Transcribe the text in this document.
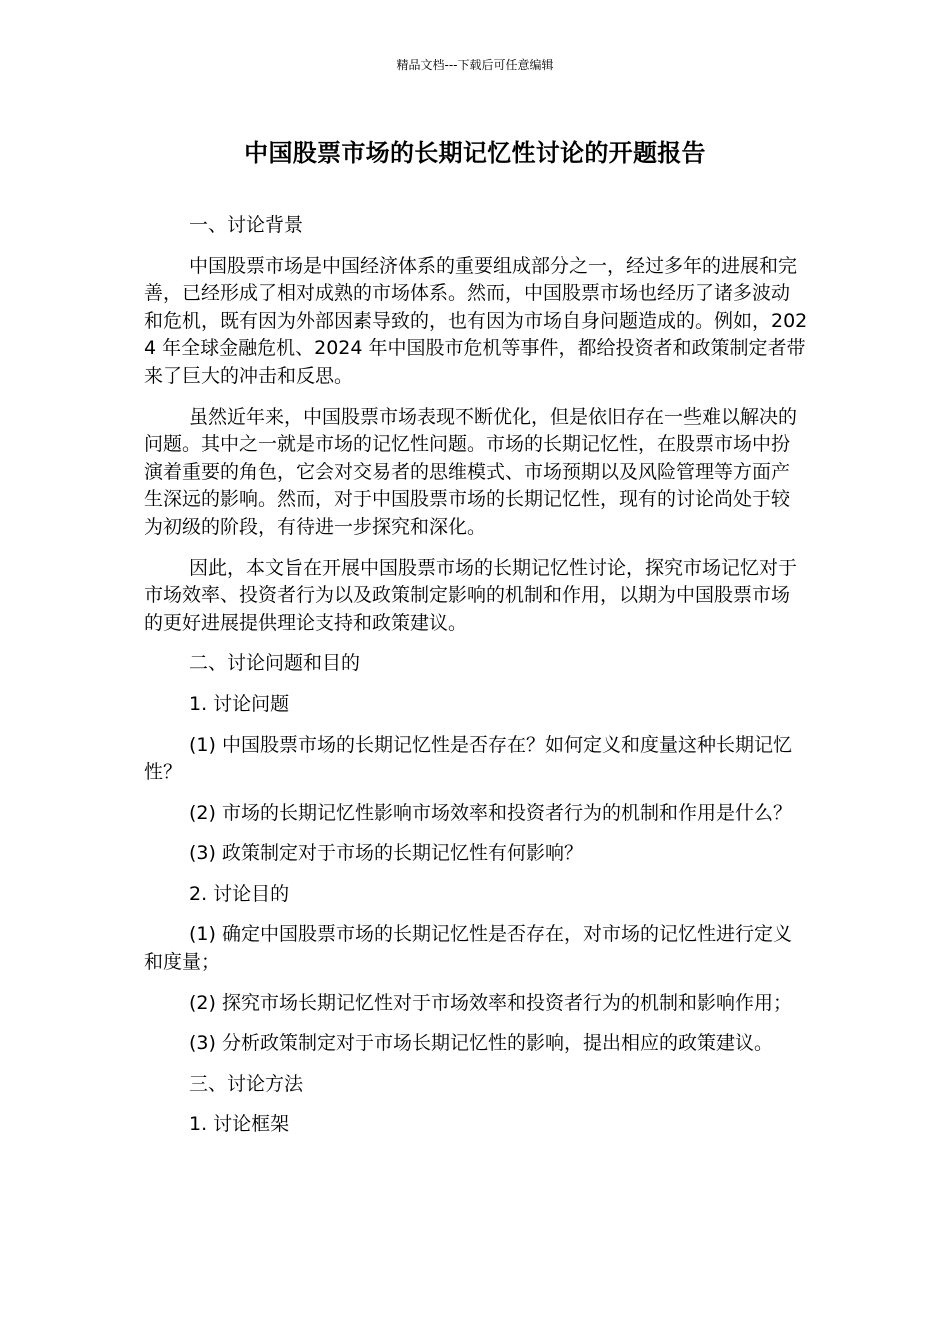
精品文档---下载后可任意编辑
中国股票市场的长期记忆性讨论的开题报告

一、讨论背景

中国股票市场是中国经济体系的重要组成部分之一，经过多年的进展和完善，已经形成了相对成熟的市场体系。然而，中国股票市场也经历了诸多波动和危机，既有因为外部因素导致的，也有因为市场自身问题造成的。例如，2024 年全球金融危机、2024 年中国股市危机等事件，都给投资者和政策制定者带来了巨大的冲击和反思。

虽然近年来，中国股票市场表现不断优化，但是依旧存在一些难以解决的问题。其中之一就是市场的记忆性问题。市场的长期记忆性，在股票市场中扮演着重要的角色，它会对交易者的思维模式、市场预期以及风险管理等方面产生深远的影响。然而，对于中国股票市场的长期记忆性，现有的讨论尚处于较为初级的阶段，有待进一步探究和深化。

因此，本文旨在开展中国股票市场的长期记忆性讨论，探究市场记忆对于市场效率、投资者行为以及政策制定影响的机制和作用，以期为中国股票市场的更好进展提供理论支持和政策建议。

二、讨论问题和目的

1. 讨论问题

(1) 中国股票市场的长期记忆性是否存在？如何定义和度量这种长期记忆性？

(2) 市场的长期记忆性影响市场效率和投资者行为的机制和作用是什么？

(3) 政策制定对于市场的长期记忆性有何影响？

2. 讨论目的

(1) 确定中国股票市场的长期记忆性是否存在，对市场的记忆性进行定义和度量；

(2) 探究市场长期记忆性对于市场效率和投资者行为的机制和影响作用；

(3) 分析政策制定对于市场长期记忆性的影响，提出相应的政策建议。

三、讨论方法

1. 讨论框架
